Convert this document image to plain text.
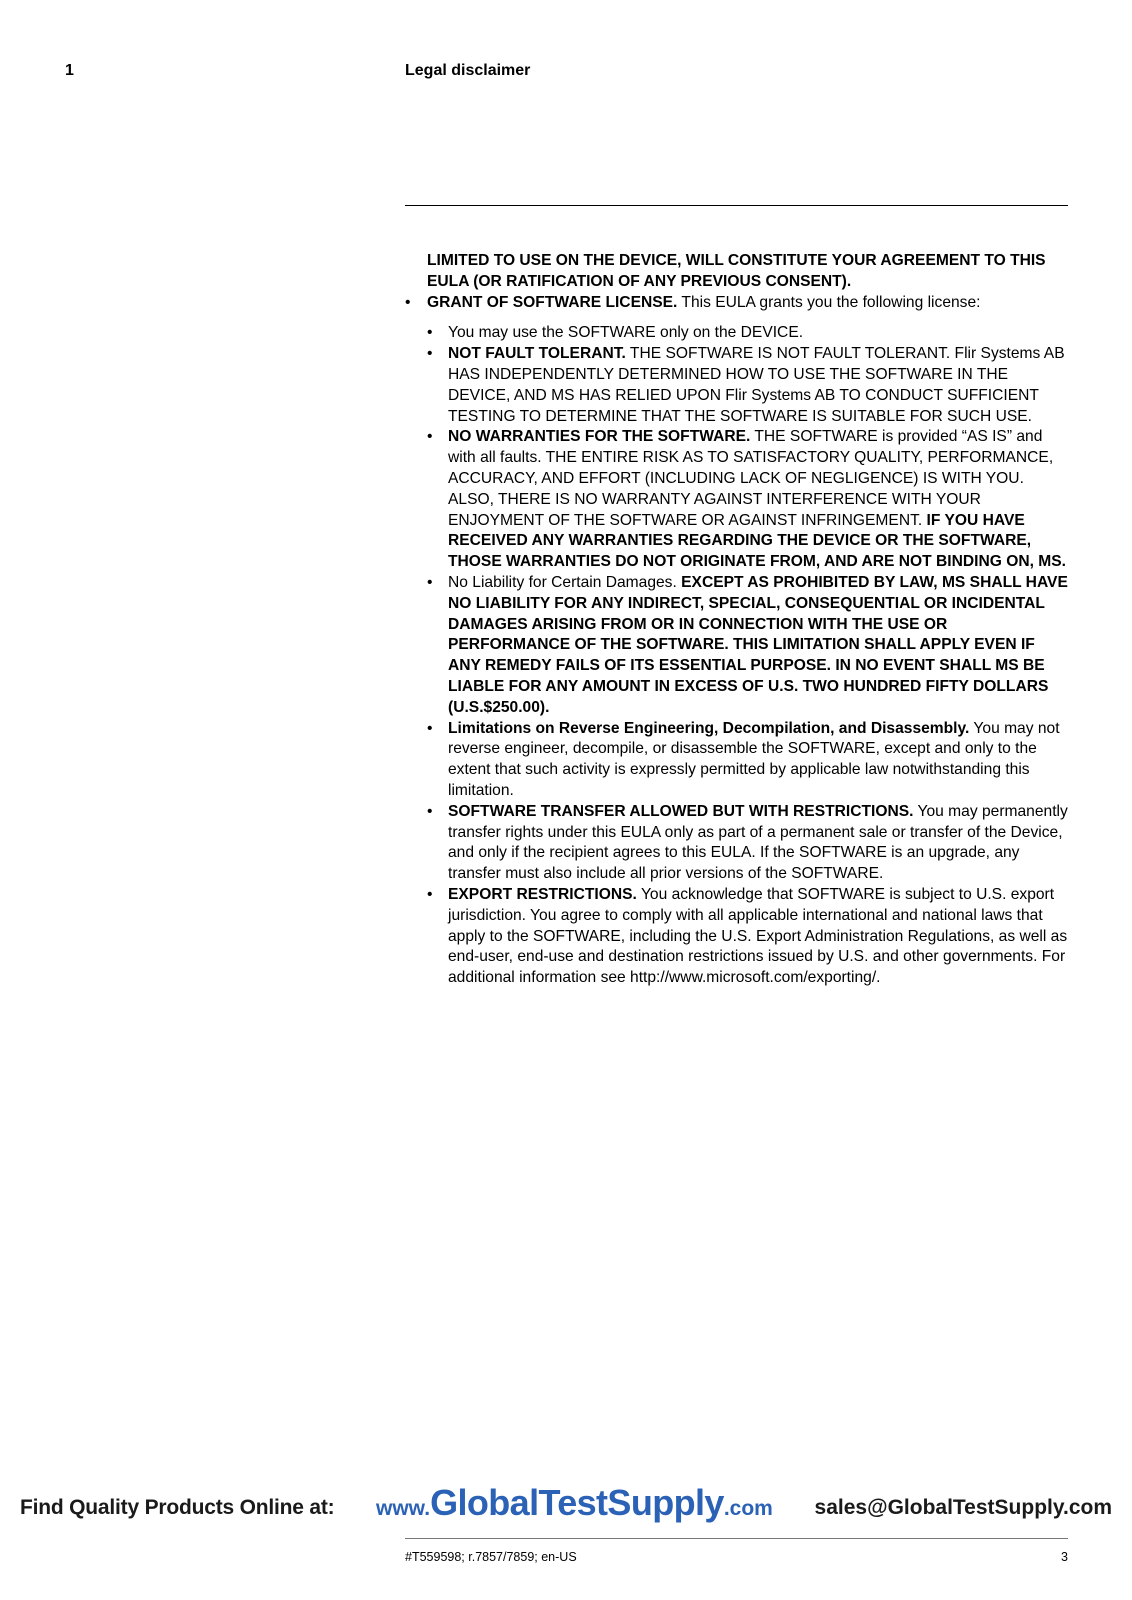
1	Legal disclaimer

LIMITED TO USE ON THE DEVICE, WILL CONSTITUTE YOUR AGREEMENT TO THIS EULA (OR RATIFICATION OF ANY PREVIOUS CONSENT).

• GRANT OF SOFTWARE LICENSE. This EULA grants you the following license:
• You may use the SOFTWARE only on the DEVICE.
• NOT FAULT TOLERANT. THE SOFTWARE IS NOT FAULT TOLERANT. Flir Systems AB HAS INDEPENDENTLY DETERMINED HOW TO USE THE SOFTWARE IN THE DEVICE, AND MS HAS RELIED UPON Flir Systems AB TO CONDUCT SUFFICIENT TESTING TO DETERMINE THAT THE SOFTWARE IS SUITABLE FOR SUCH USE.
• NO WARRANTIES FOR THE SOFTWARE. THE SOFTWARE is provided “AS IS” and with all faults. THE ENTIRE RISK AS TO SATISFACTORY QUALITY, PERFORMANCE, ACCURACY, AND EFFORT (INCLUDING LACK OF NEGLIGENCE) IS WITH YOU. ALSO, THERE IS NO WARRANTY AGAINST INTERFERENCE WITH YOUR ENJOYMENT OF THE SOFTWARE OR AGAINST INFRINGEMENT. IF YOU HAVE RECEIVED ANY WARRANTIES REGARDING THE DEVICE OR THE SOFTWARE, THOSE WARRANTIES DO NOT ORIGINATE FROM, AND ARE NOT BINDING ON, MS.
• No Liability for Certain Damages. EXCEPT AS PROHIBITED BY LAW, MS SHALL HAVE NO LIABILITY FOR ANY INDIRECT, SPECIAL, CONSEQUENTIAL OR INCIDENTAL DAMAGES ARISING FROM OR IN CONNECTION WITH THE USE OR PERFORMANCE OF THE SOFTWARE. THIS LIMITATION SHALL APPLY EVEN IF ANY REMEDY FAILS OF ITS ESSENTIAL PURPOSE. IN NO EVENT SHALL MS BE LIABLE FOR ANY AMOUNT IN EXCESS OF U.S. TWO HUNDRED FIFTY DOLLARS (U.S.$250.00).
• Limitations on Reverse Engineering, Decompilation, and Disassembly. You may not reverse engineer, decompile, or disassemble the SOFTWARE, except and only to the extent that such activity is expressly permitted by applicable law notwithstanding this limitation.
• SOFTWARE TRANSFER ALLOWED BUT WITH RESTRICTIONS. You may permanently transfer rights under this EULA only as part of a permanent sale or transfer of the Device, and only if the recipient agrees to this EULA. If the SOFTWARE is an upgrade, any transfer must also include all prior versions of the SOFTWARE.
• EXPORT RESTRICTIONS. You acknowledge that SOFTWARE is subject to U.S. export jurisdiction. You agree to comply with all applicable international and national laws that apply to the SOFTWARE, including the U.S. Export Administration Regulations, as well as end-user, end-use and destination restrictions issued by U.S. and other governments. For additional information see http://www.microsoft.com/exporting/.
Find Quality Products Online at: www.GlobalTestSupply.com sales@GlobalTestSupply.com
#T559598; r.7857/7859; en-US	3
